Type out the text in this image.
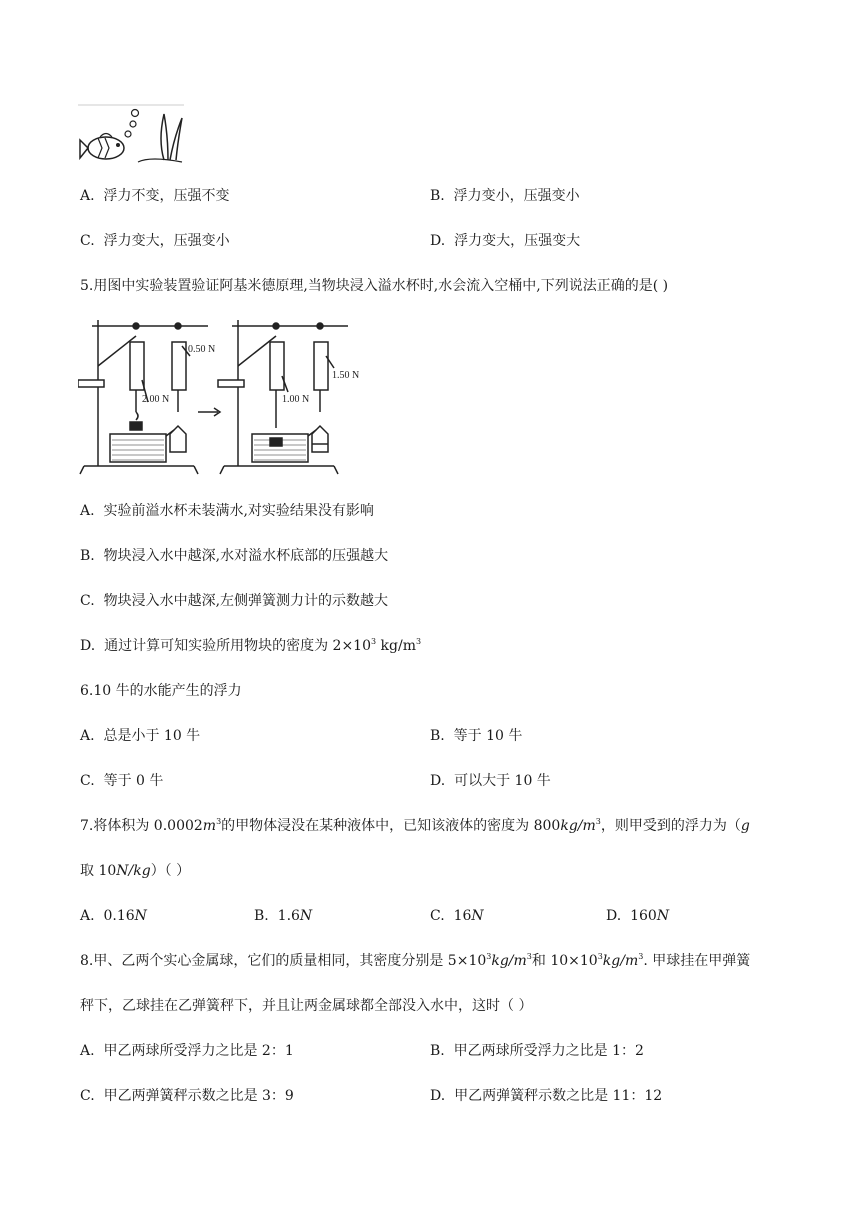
A. 浮力不变，压强不变	B. 浮力变小，压强变小
C. 浮力变大，压强变小	D. 浮力变大，压强变大
5.用图中实验装置验证阿基米德原理,当物块浸入溢水杯时,水会流入空桶中,下列说法正确的是( )
2.00 N
0.50 N
1.00 N
1.50 N
A. 实验前溢水杯未装满水,对实验结果没有影响
B. 物块浸入水中越深,水对溢水杯底部的压强越大
C. 物块浸入水中越深,左侧弹簧测力计的示数越大
D. 通过计算可知实验所用物块的密度为 $2\times 10^3$ $kg/m^3$
6.10 牛的水能产生的浮力
A. 总是小于 10 牛	B. 等于 10 牛
C. 等于 0 牛	D. 可以大于 10 牛
7.将体积为 $0.0002m^3$的甲物体浸没在某种液体中，已知该液体的密度为 $800kg/m^3$，则甲受到的浮力为（g
取 10N/kg）（ ）
A. 0.16N	B. 1.6N	C. 16N	D. 160N
8.甲、乙两个实心金属球，它们的质量相同，其密度分别是 $5\times 10^3kg/m^3$和 $10\times 10^3kg/m^3$. 甲球挂在甲弹簧
秤下，乙球挂在乙弹簧秤下，并且让两金属球都全部没入水中，这时（ ）
A. 甲乙两球所受浮力之比是 2：1	B. 甲乙两球所受浮力之比是 1：2
C. 甲乙两弹簧秤示数之比是 3：9	D. 甲乙两弹簧秤示数之比是 11：12
